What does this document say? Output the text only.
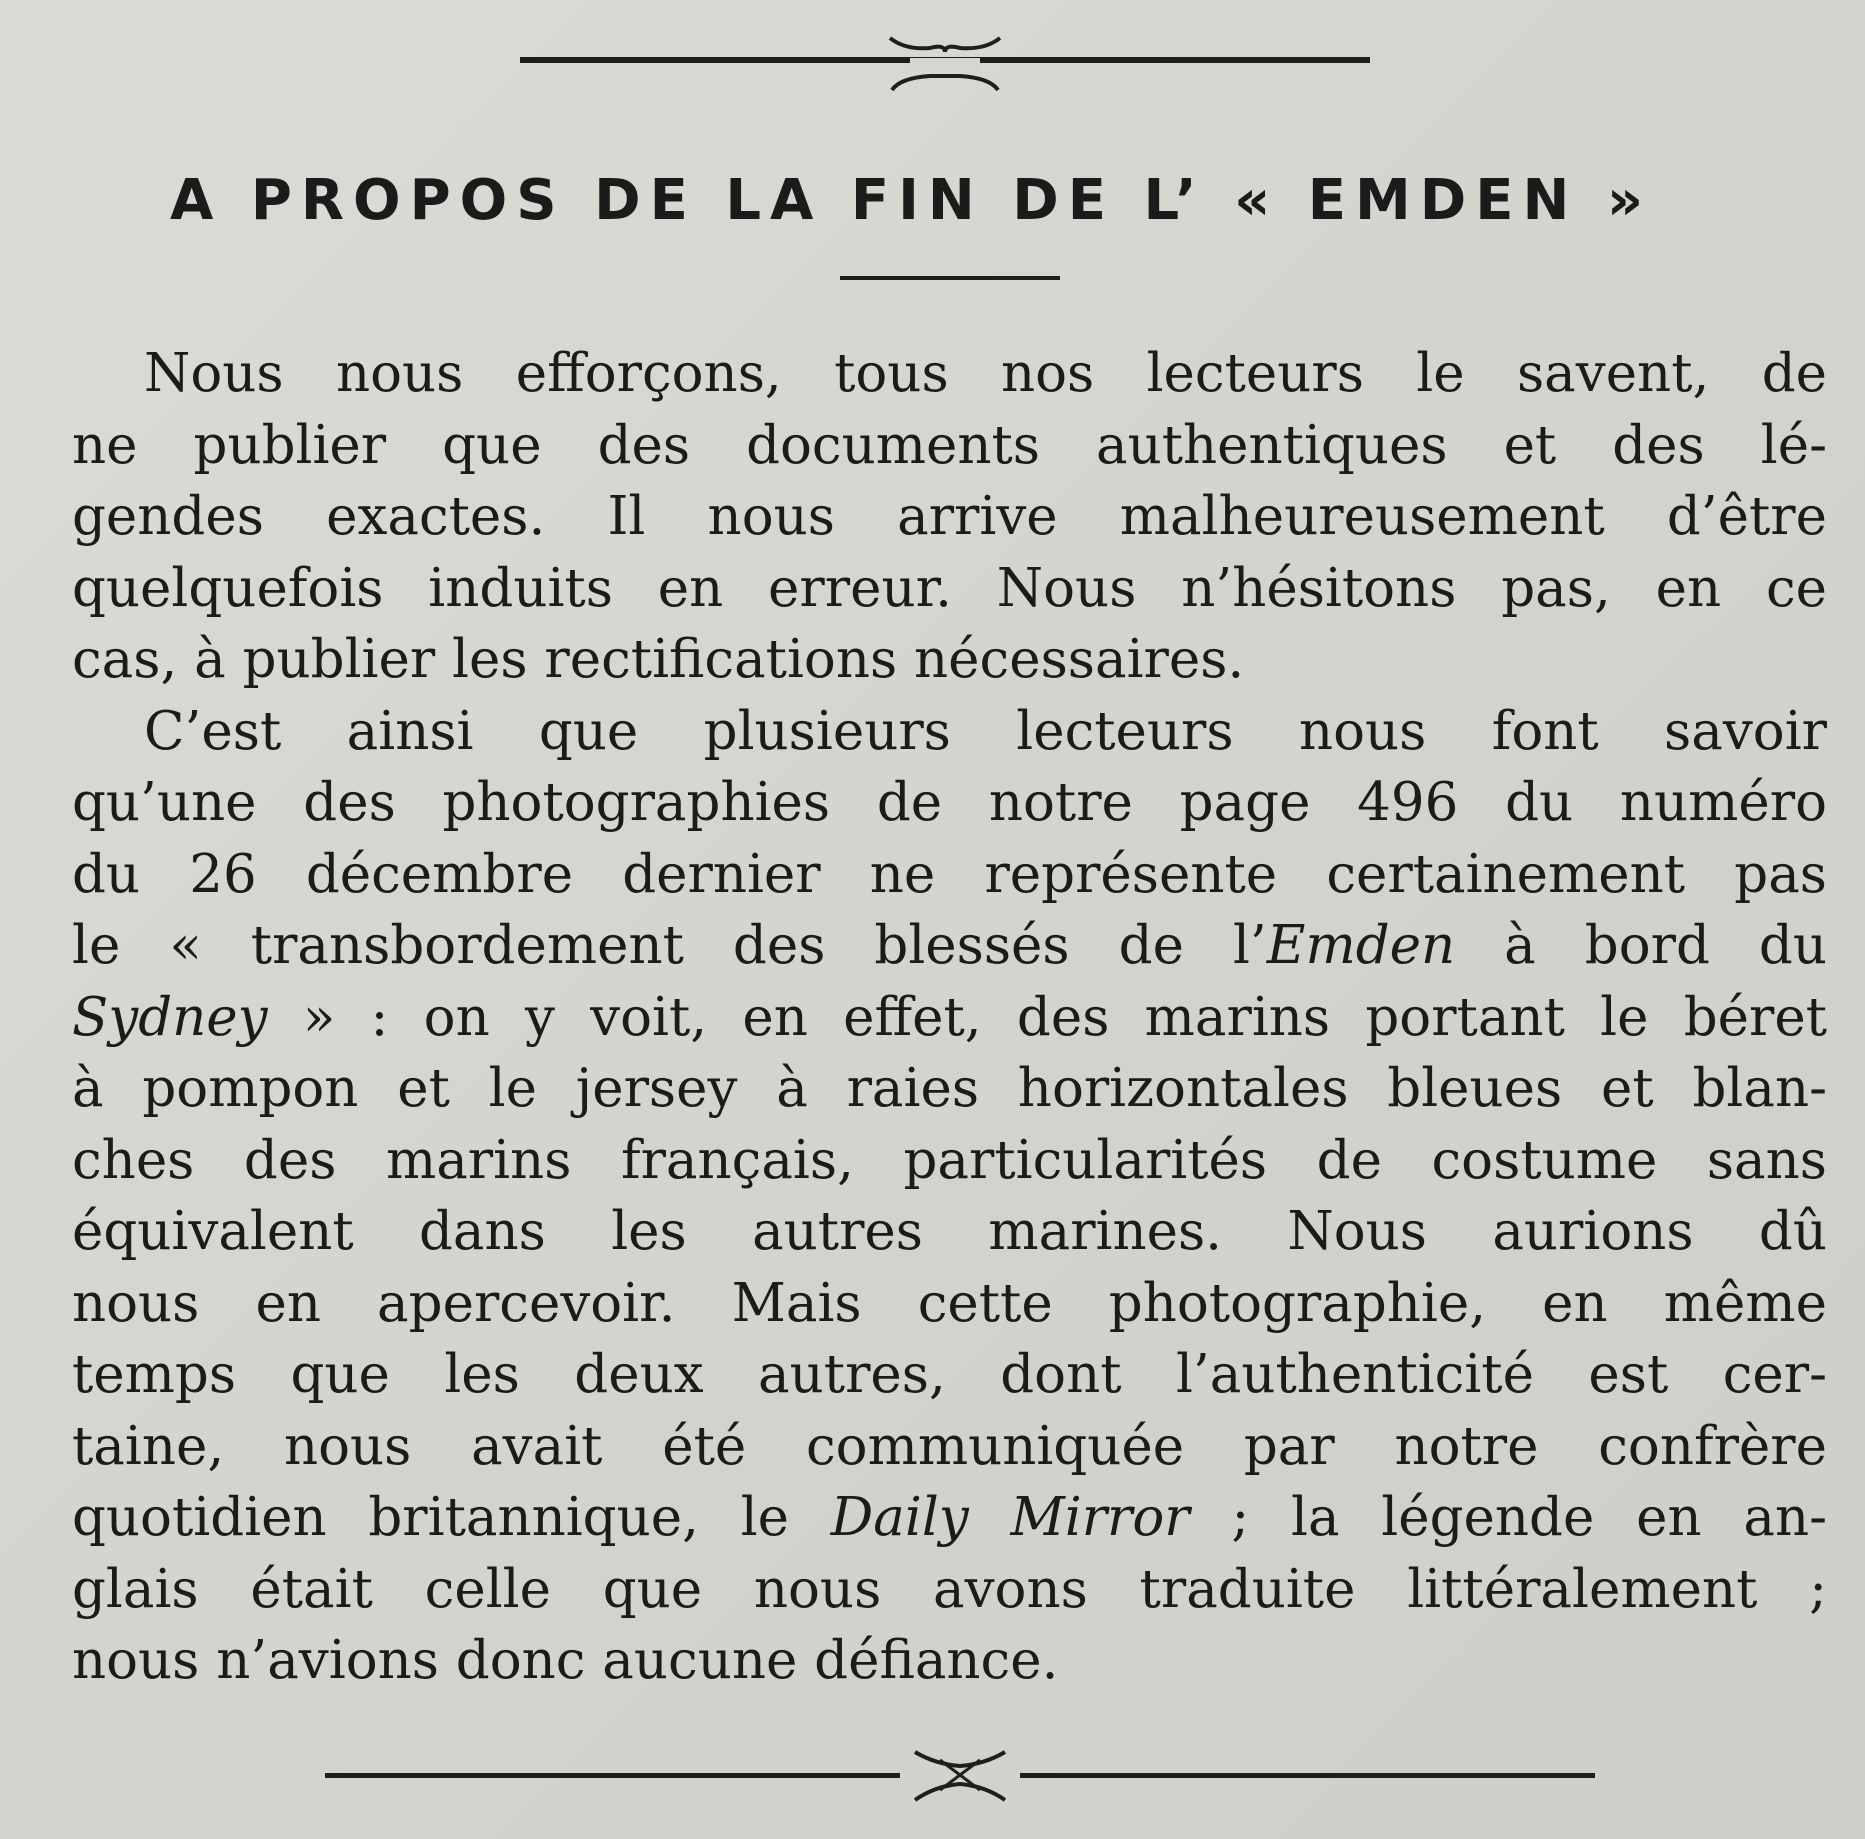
A PROPOS DE LA FIN DE L’ « EMDEN »
Nous nous efforçons, tous nos lecteurs le savent, de
ne publier que des documents authentiques et des lé-
gendes exactes. Il nous arrive malheureusement d’être
quelquefois induits en erreur. Nous n’hésitons pas, en ce
cas, à publier les rectifications nécessaires.
C’est ainsi que plusieurs lecteurs nous font savoir
qu’une des photographies de notre page 496 du numéro
du 26 décembre dernier ne représente certainement pas
le « transbordement des blessés de l’Emden à bord du
Sydney » : on y voit, en effet, des marins portant le béret
à pompon et le jersey à raies horizontales bleues et blan-
ches des marins français, particularités de costume sans
équivalent dans les autres marines. Nous aurions dû
nous en apercevoir. Mais cette photographie, en même
temps que les deux autres, dont l’authenticité est cer-
taine, nous avait été communiquée par notre confrère
quotidien britannique, le Daily Mirror ; la légende en an-
glais était celle que nous avons traduite littéralement ;
nous n’avions donc aucune défiance.
